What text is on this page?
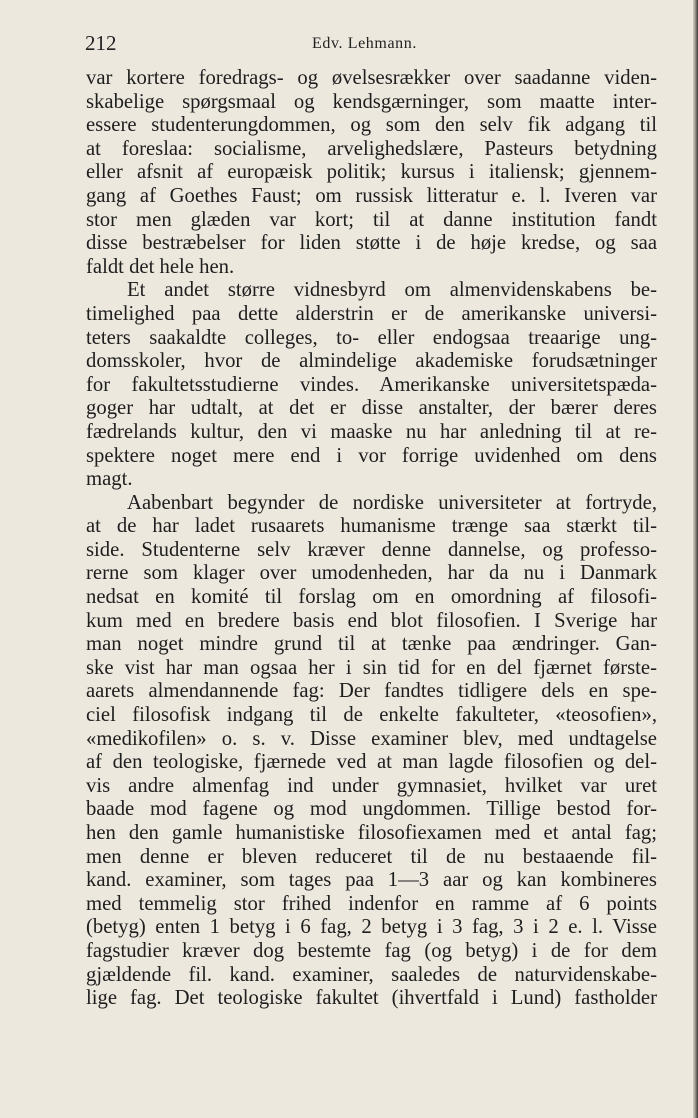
212	Edv. Lehmann.
var kortere foredrags- og øvelsesrækker over saadanne viden-
skabelige spørgsmaal og kendsgærninger, som maatte inter-
essere studenterungdommen, og som den selv fik adgang til
at foreslaa: socialisme, arvelighedslære, Pasteurs betydning
eller afsnit af europæisk politik; kursus i italiensk; gjennem-
gang af Goethes Faust; om russisk litteratur e. l. Iveren var
stor men glæden var kort; til at danne institution fandt
disse bestræbelser for liden støtte i de høje kredse, og saa
faldt det hele hen.
Et andet større vidnesbyrd om almenvidenskabens be-
timelighed paa dette alderstrin er de amerikanske universi-
teters saakaldte colleges, to- eller endogsaa treaarige ung-
domsskoler, hvor de almindelige akademiske forudsætninger
for fakultetsstudierne vindes. Amerikanske universitetspæda-
goger har udtalt, at det er disse anstalter, der bærer deres
fædrelands kultur, den vi maaske nu har anledning til at re-
spektere noget mere end i vor forrige uvidenhed om dens
magt.
Aabenbart begynder de nordiske universiteter at fortryde,
at de har ladet rusaarets humanisme trænge saa stærkt til-
side. Studenterne selv kræver denne dannelse, og professo-
rerne som klager over umodenheden, har da nu i Danmark
nedsat en komité til forslag om en omordning af filosofi-
kum med en bredere basis end blot filosofien. I Sverige har
man noget mindre grund til at tænke paa ændringer. Gan-
ske vist har man ogsaa her i sin tid for en del fjærnet første-
aarets almendannende fag: Der fandtes tidligere dels en spe-
ciel filosofisk indgang til de enkelte fakulteter, «teosofien»,
«medikofilen» o. s. v. Disse examiner blev, med undtagelse
af den teologiske, fjærnede ved at man lagde filosofien og del-
vis andre almenfag ind under gymnasiet, hvilket var uret
baade mod fagene og mod ungdommen. Tillige bestod for-
hen den gamle humanistiske filosofiexamen med et antal fag;
men denne er bleven reduceret til de nu bestaaende fil-
kand. examiner, som tages paa 1—3 aar og kan kombineres
med temmelig stor frihed indenfor en ramme af 6 points
(betyg) enten 1 betyg i 6 fag, 2 betyg i 3 fag, 3 i 2 e. l. Visse
fagstudier kræver dog bestemte fag (og betyg) i de for dem
gjældende fil. kand. examiner, saaledes de naturvidenskabe-
lige fag. Det teologiske fakultet (ihvertfald i Lund) fastholder
